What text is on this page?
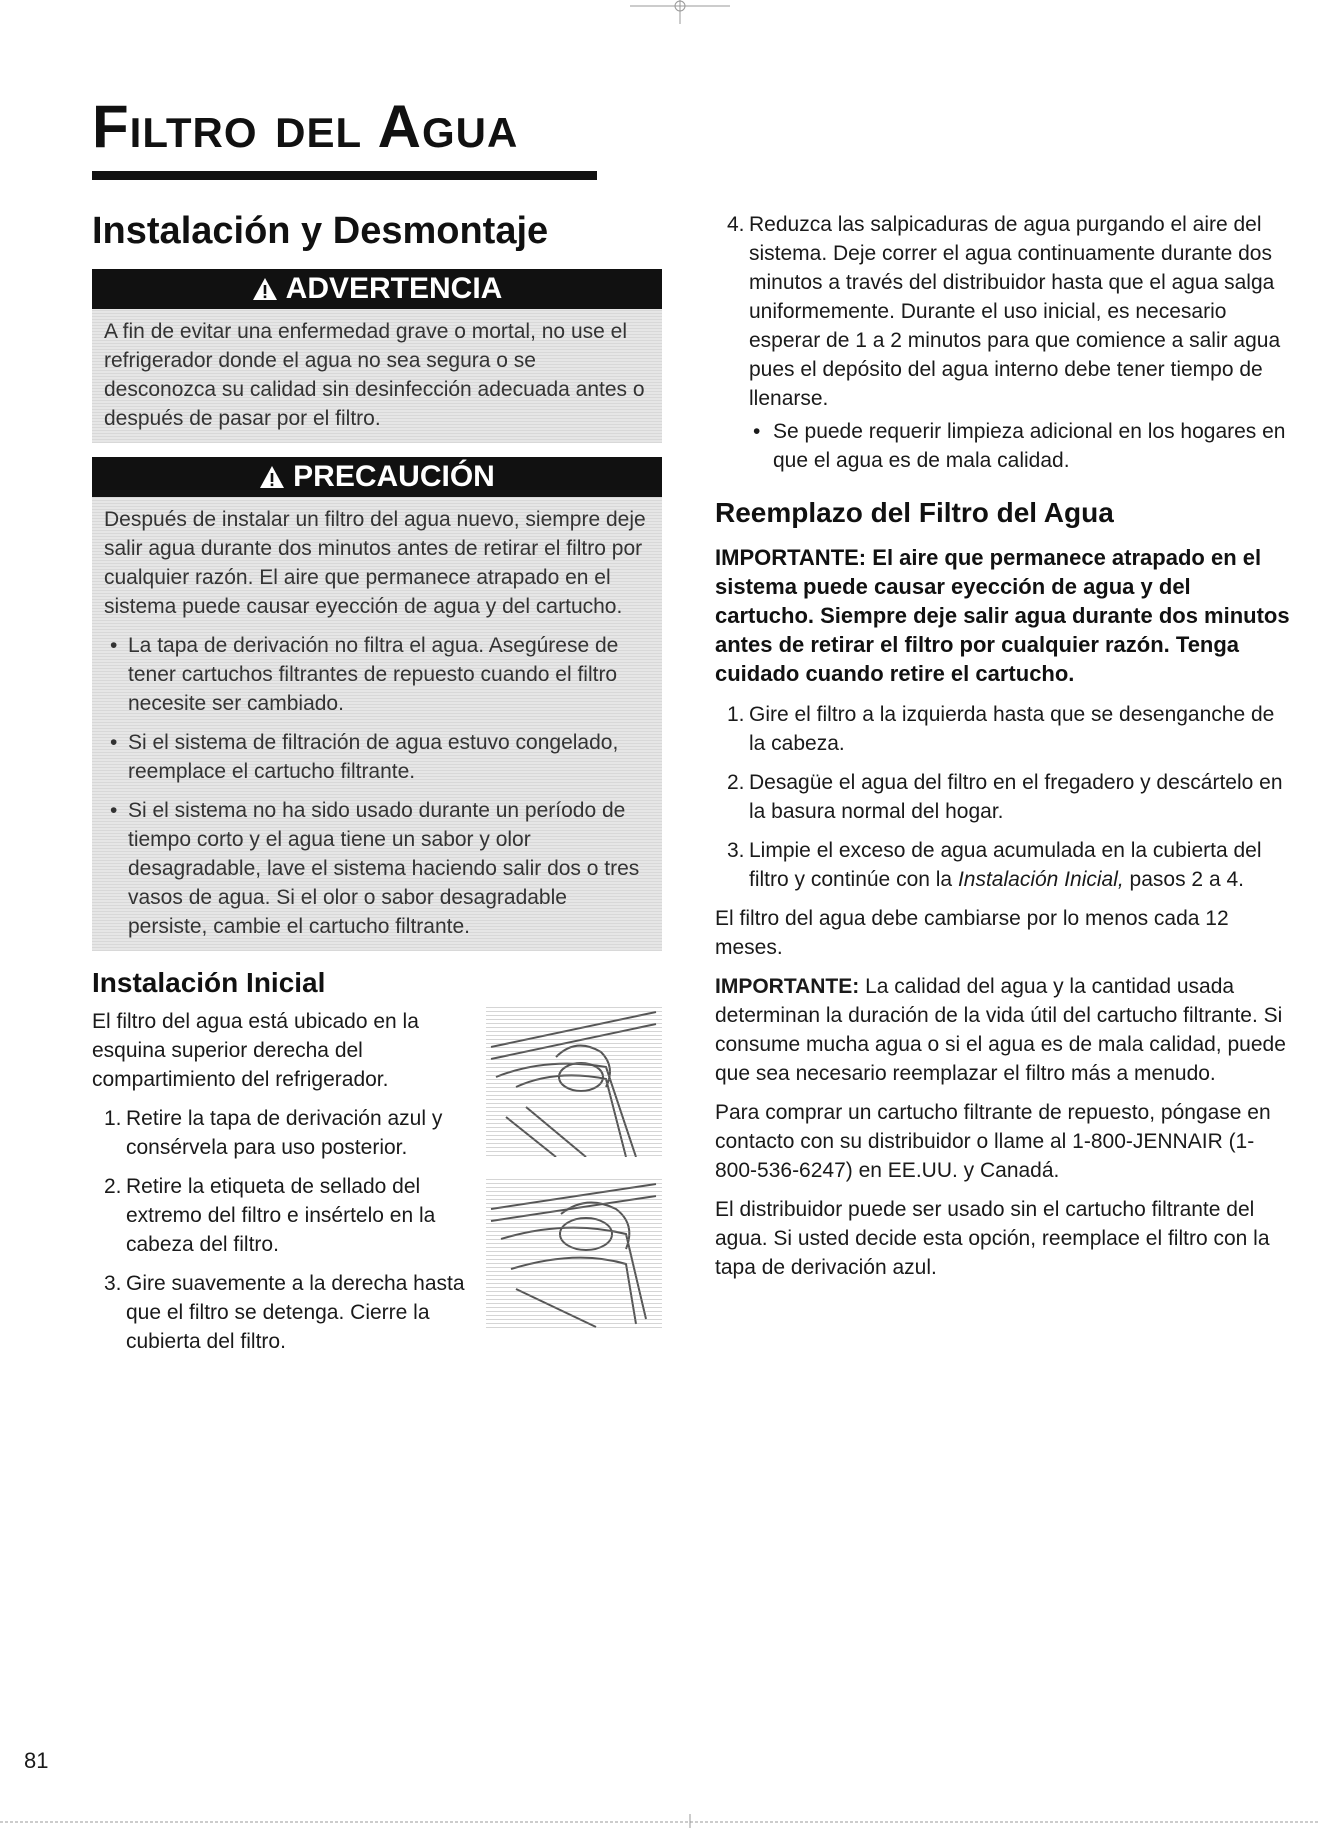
Filtro del Agua
Instalación y Desmontaje
ADVERTENCIA

A fin de evitar una enfermedad grave o mortal, no use el refrigerador donde el agua no sea segura o se desconozca su calidad sin desinfección adecuada antes o después de pasar por el filtro.

PRECAUCIÓN

Después de instalar un filtro del agua nuevo, siempre deje salir agua durante dos minutos antes de retirar el filtro por cualquier razón. El aire que permanece atrapado en el sistema puede causar eyección de agua y del cartucho.

• La tapa de derivación no filtra el agua. Asegúrese de tener cartuchos filtrantes de repuesto cuando el filtro necesite ser cambiado.
• Si el sistema de filtración de agua estuvo congelado, reemplace el cartucho filtrante.
• Si el sistema no ha sido usado durante un período de tiempo corto y el agua tiene un sabor y olor desagradable, lave el sistema haciendo salir dos o tres vasos de agua. Si el olor o sabor desagradable persiste, cambie el cartucho filtrante.
Instalación Inicial

El filtro del agua está ubicado en la esquina superior derecha del compartimiento del refrigerador.

1. Retire la tapa de derivación azul y consérvela para uso posterior.
2. Retire la etiqueta de sellado del extremo del filtro e insértelo en la cabeza del filtro.
3. Gire suavemente a la derecha hasta que el filtro se detenga. Cierre la cubierta del filtro.
4. Reduzca las salpicaduras de agua purgando el aire del sistema. Deje correr el agua continuamente durante dos minutos a través del distribuidor hasta que el agua salga uniformemente. Durante el uso inicial, es necesario esperar de 1 a 2 minutos para que comience a salir agua pues el depósito del agua interno debe tener tiempo de llenarse.
• Se puede requerir limpieza adicional en los hogares en que el agua es de mala calidad.
Reemplazo del Filtro del Agua

IMPORTANTE: El aire que permanece atrapado en el sistema puede causar eyección de agua y del cartucho. Siempre deje salir agua durante dos minutos antes de retirar el filtro por cualquier razón. Tenga cuidado cuando retire el cartucho.

1. Gire el filtro a la izquierda hasta que se desenganche de la cabeza.
2. Desagüe el agua del filtro en el fregadero y descártelo en la basura normal del hogar.
3. Limpie el exceso de agua acumulada en la cubierta del filtro y continúe con la Instalación Inicial, pasos 2 a 4.

El filtro del agua debe cambiarse por lo menos cada 12 meses.

IMPORTANTE: La calidad del agua y la cantidad usada determinan la duración de la vida útil del cartucho filtrante. Si consume mucha agua o si el agua es de mala calidad, puede que sea necesario reemplazar el filtro más a menudo.

Para comprar un cartucho filtrante de repuesto, póngase en contacto con su distribuidor o llame al 1-800-JENNAIR (1-800-536-6247) en EE.UU. y Canadá.

El distribuidor puede ser usado sin el cartucho filtrante del agua. Si usted decide esta opción, reemplace el filtro con la tapa de derivación azul.

81
